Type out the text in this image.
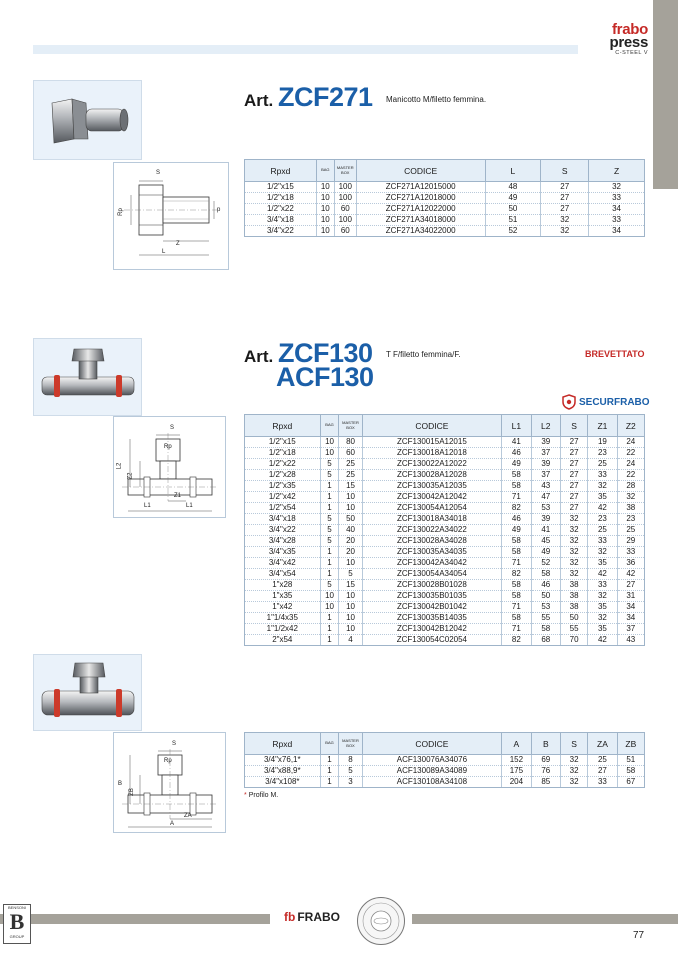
frabo
press
C-STEEL V
S
Rp	p
Z
L
Art. ZCF271 Manicotto M/filetto femmina.
Rpxd	BAG	MASTER BOX	CODICE	L	S	Z
1/2"x15	10	100	ZCF271A12015000	48	27	32
1/2"x18	10	100	ZCF271A12018000	49	27	33
1/2"x22	10	60	ZCF271A12022000	50	27	34
3/4"x18	10	100	ZCF271A34018000	51	32	33
3/4"x22	10	60	ZCF271A34022000	52	32	34
S
Rp
L2
Z2
Z1
L1	L1
Art. ZCF130
ACF130
T F/filetto femmina/F.	BREVETTATO
SECURFRABO
Rpxd	BAG	MASTER BOX	CODICE	L1	L2	S	Z1	Z2
1/2"x15	10	80	ZCF130015A12015	41	39	27	19	24
1/2"x18	10	60	ZCF130018A12018	46	37	27	23	22
1/2"x22	5	25	ZCF130022A12022	49	39	27	25	24
1/2"x28	5	25	ZCF130028A12028	58	37	27	33	22
1/2"x35	1	15	ZCF130035A12035	58	43	27	32	28
1/2"x42	1	10	ZCF130042A12042	71	47	27	35	32
1/2"x54	1	10	ZCF130054A12054	82	53	27	42	38
3/4"x18	5	50	ZCF130018A34018	46	39	32	23	23
3/4"x22	5	40	ZCF130022A34022	49	41	32	25	25
3/4"x28	5	20	ZCF130028A34028	58	45	32	33	29
3/4"x35	1	20	ZCF130035A34035	58	49	32	32	33
3/4"x42	1	10	ZCF130042A34042	71	52	32	35	36
3/4"x54	1	5	ZCF130054A34054	82	58	32	42	42
1"x28	5	15	ZCF130028B01028	58	46	38	33	27
1"x35	10	10	ZCF130035B01035	58	50	38	32	31
1"x42	10	10	ZCF130042B01042	71	53	38	35	34
1"1/4x35	1	10	ZCF130035B14035	58	55	50	32	34
1"1/2x42	1	10	ZCF130042B12042	71	58	55	35	37
2"x54	1	4	ZCF130054C02054	82	68	70	42	43
S
Rp
B
ZB
ZA
A
Rpxd	BAG	MASTER BOX	CODICE	A	B	S	ZA	ZB
3/4"x76,1*	1	8	ACF130076A34076	152	69	32	25	51
3/4"x88,9*	1	5	ACF130089A34089	175	76	32	27	58
3/4"x108*	1	3	ACF130108A34108	204	85	32	33	67
* Profilo M.
BENSONI
B
GROUP
fb FRABO
77
